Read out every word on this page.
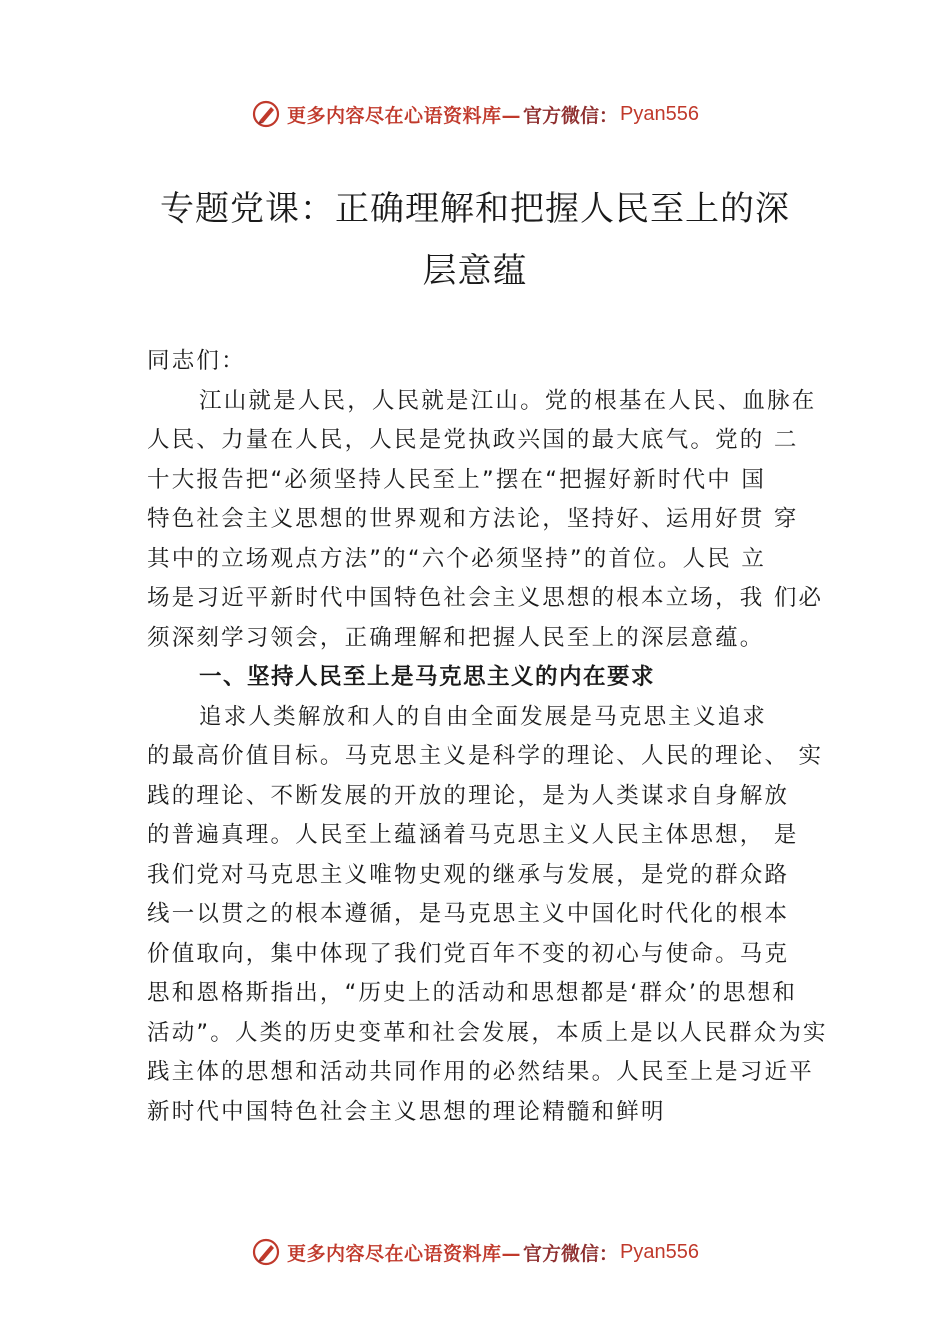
更多内容尽在心语资料库— 官方微信： Pyan556
专题党课：正确理解和把握人民至上的深
层意蕴
同志们：
江山就是人民，人民就是江山。党的根基在人民、血脉在
人民、力量在人民，人民是党执政兴国的最大底气。党的 二
十大报告把“必须坚持人民至上”摆在“把握好新时代中 国
特色社会主义思想的世界观和方法论，坚持好、运用好贯 穿
其中的立场观点方法”的“六个必须坚持”的首位。人民 立
场是习近平新时代中国特色社会主义思想的根本立场，我 们必
须深刻学习领会，正确理解和把握人民至上的深层意蕴。
一、坚持人民至上是马克思主义的内在要求
追求人类解放和人的自由全面发展是马克思主义追求
的最高价值目标。马克思主义是科学的理论、人民的理论、 实
践的理论、不断发展的开放的理论，是为人类谋求自身解放
的普遍真理。人民至上蕴涵着马克思主义人民主体思想， 是
我们党对马克思主义唯物史观的继承与发展，是党的群众路
线一以贯之的根本遵循，是马克思主义中国化时代化的根本
价值取向，集中体现了我们党百年不变的初心与使命。马克
思和恩格斯指出，“历史上的活动和思想都是‘群众’的思想和
活动”。人类的历史变革和社会发展，本质上是以人民群众为实
践主体的思想和活动共同作用的必然结果。人民至上是习近平
新时代中国特色社会主义思想的理论精髓和鲜明
更多内容尽在心语资料库— 官方微信： Pyan556
